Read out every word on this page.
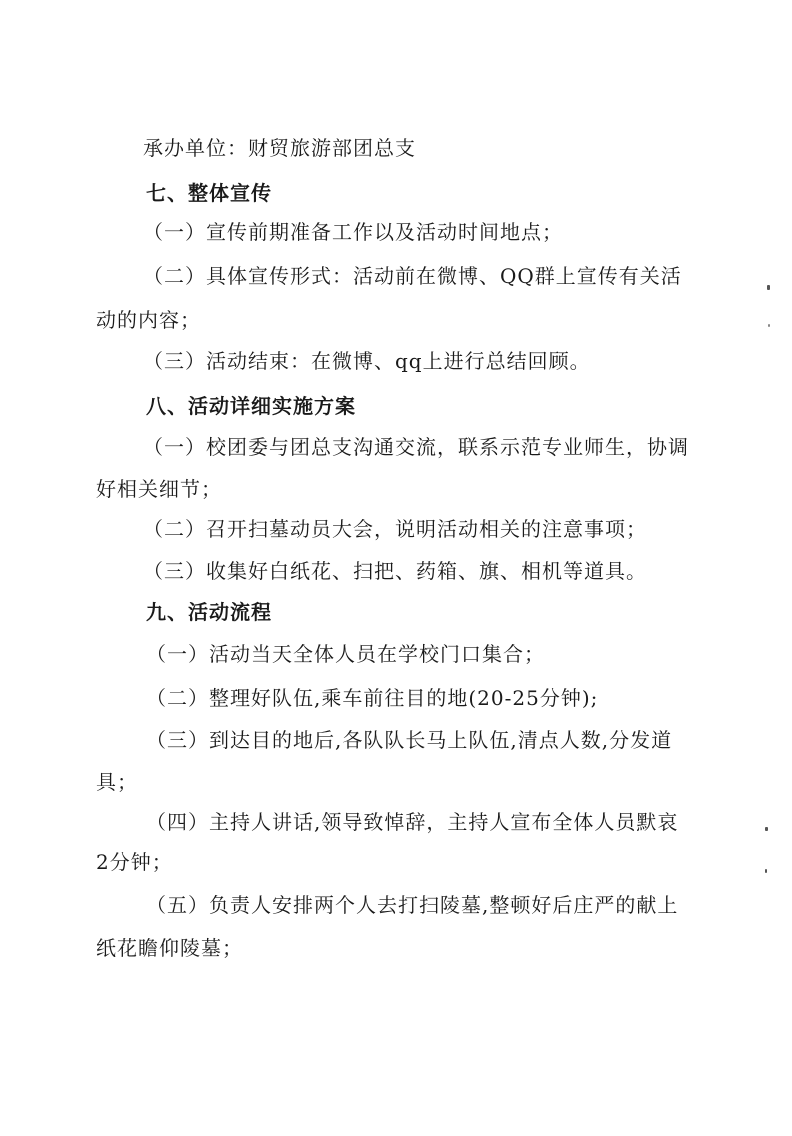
承办单位：财贸旅游部团总支
七、整体宣传
（一）宣传前期准备工作以及活动时间地点；
（二）具体宣传形式：活动前在微博、QQ群上宣传有关活
动的内容；
（三）活动结束：在微博、qq上进行总结回顾。
八、活动详细实施方案
（一）校团委与团总支沟通交流，联系示范专业师生，协调
好相关细节；
（二）召开扫墓动员大会，说明活动相关的注意事项；
（三）收集好白纸花、扫把、药箱、旗、相机等道具。
九、活动流程
（一）活动当天全体人员在学校门口集合；
（二）整理好队伍,乘车前往目的地(20-25分钟);
（三）到达目的地后,各队队长马上队伍,清点人数,分发道
具；
（四）主持人讲话,领导致悼辞，主持人宣布全体人员默哀
2分钟；
（五）负责人安排两个人去打扫陵墓,整顿好后庄严的献上
纸花瞻仰陵墓；
